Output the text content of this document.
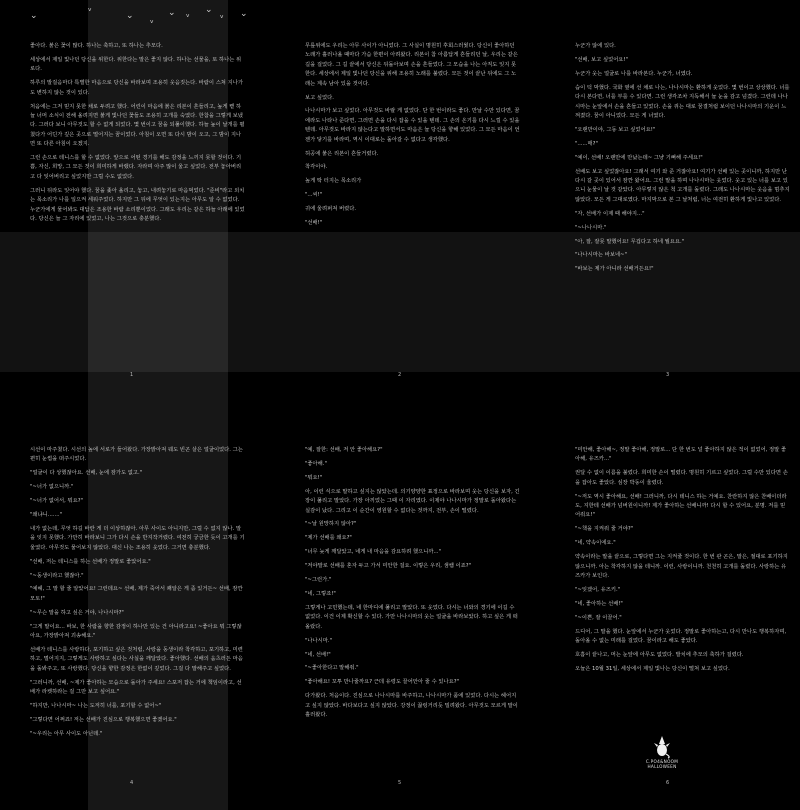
⌄	ᵛ	⌄
ᵛ
⌄ ᵛ
⌄
ᵛ ⌄

좋아다. 붉은 꽃이 많다. 하나는 축하고, 또 하나는 추모다.

세상에서 제일 빛나던 당신을 위한다. 위한다는 말은 좋지 않다. 하나는 선물을, 또 하나는 위로다.

하루의 발걸음마다 특별한 마음으로 당신을 바라보며 조용히 웃음짓는다. 바람이 스쳐 지나가도 변하지 않는 것이 있다.

처음에는 그저 믿지 못한 채로 두려고 했다. 어린이 마음에 붉은 리본이 흔들리고, 높게 뻗 하늘 너머 소식이 전해 올려지면 붉게 빛나던 꽃들도 조용히 고개를 숙였다. 한참을 그렇게 보냈다. 그러다 보니 아무것도 할 수 없게 되었다. 몇 번이고 꿈을 되풀이했다. 하늘 높이 날개를 펼쳤다가 어딘가 깊은 곳으로 떨어지는 꿈이었다. 아침이 오면 또 다시 밤이 오고, 그 밤이 지나면 또 다른 아침이 오겠지.

그런 손으로 테니스를 할 수 없었다. 앞으로 어떤 경기를 해도 감정을 느끼지 못할 것이다. 기쁨, 자신, 희망, 그 모든 것이 희미하게 바랬다. 자라며 아주 많이 울고 싶었다. 전부 놓아버리고 다 잊어버리고 싶었지만 그럴 수도 없었다.

그러니 뒤라도 잊어야 했다. 꿈을 좇아 올리고, 놓고, 내려놓기로 마음먹었다. "준비"라고 외치는 목소리가 나를 일으켜 세워주었다. 하지만 그 뒤에 무엇이 있는지는 아무도 알 수 없었다. 누군가에게 물어봐도 대답은 조용한 바람 소리뿐이었다. 그래도 우리는 같은 하늘 아래에 있었다. 당신은 늘 그 자리에 있었고, 나는 그것으로 충분했다.

1

무릎위에도 우리는 아무 사이가 아니었다. 그 사실이 명원히 후회스러웠다. 당신이 좋아하던 노래가 흘러나올 때마다 가슴 한편이 아려왔다. 리본이 참 아름답게 흔들리던 날, 우리는 같은 길을 걸었다. 그 길 끝에서 당신은 뒤돌아보며 손을 흔들었다. 그 모습을 나는 아직도 잊지 못한다. 세상에서 제일 빛나던 당신을 위해 조용히 노래를 불렀다. 모든 것이 끝난 뒤에도 그 노래는 계속 남아 있을 것이다.

보고 싶었다.

나나시마가 보고 싶었다. 아무것도 바랄 게 없었다. 단 한 번이라도 좋다. 만날 수만 있다면, 꿈에라도 나타나 준다면, 그러면 손을 다시 잡을 수 있을 텐데. 그 손의 온기를 다시 느낄 수 있을 텐데. 아무것도 바라지 않는다고 말하면서도 마음은 늘 당신을 향해 있었다. 그 모든 마음이 언젠가 닿기를 바라며, 역시 이대로는 돌아갈 수 없다고 생각했다.

허공에 붉은 리본이 흔들거렸다.

착각이야.

높게 딱 터지는 목소리가

"...씨!"

귀에 울려퍼져 버렸다.

"선배!"

2

누군가 않에 있다.

"선배, 보고 싶었어요!"

누군가 웃는 얼굴로 나를 바라본다. 누군가, 너였다.

습이 턱 막혔다. 국화 옆에 선 채로 나는, 나나시마는 환하게 웃었다. 몇 번이고 상상했다. 너를 다시 본다면, 너를 부를 수 있다면. 그런 생각조차 지독해서 늘 눈을 감고 넘겼다. 그런데 나나시마는 눈앞에서 손을 흔들고 있었다. 손을 쥐는 대로 꿈결처럼 보이던 나나시마의 기운이 느껴졌다. 꿈이 아니었다. 모든 게 너였다.

"오랜만이야, 그동 보고 싶었어요!"

"......매?"

"예이, 선배! 오랜만에 만났는데~ 그냥 기뻐해 주세요!"

선배도 보고 싶었잖아요! 그래서 여기 와 준 거잖아요! 여기가 선배 있는 곳이니까, 하지만 난 다시 갈 곳이 있어서 잠깐 왔어요. 그런 말을 하며 나나시마는 웃었다. 웃고 있는 너를 보고 있으니 눈물이 날 것 같았다. 아무렇지 않은 척 고개를 돌렸다. 그래도 나나시마는 웃음을 멈추지 않았다. 모든 게 그대로였다. 마지막으로 본 그 날처럼, 너는 여전히 환하게 빛나고 있었다.

"자, 선배가 이제 때 해야지..."

"~나나시마."

"아, 잘, 잘못 말했어요! 무겁다고 하네 뭘요요."

"나나시마는 바보네~"

"바보는 제가 아니라 선배거든요!"

3

시선이 마주쳤다. 시선의 높에 서로가 들어왔다. 가장밝아져 웨도 빈곤 살은 얼굴이었다. 그는 편히 눈썹을 떠주시었다.

"얼굴이 다 상했잖아요. 선배, 눈에 잠가도 없고."

"~너가 없으니까."

"~너가 없어서, 뭐요?"

"왜냐니......."

내가 없는데, 무엇 하길 바란 게 더 이상하잖아. 아무 사이도 아니지만, 그럴 수 없지 않나. 말을 잇지 못했다. 가만히 바라보니 그가 다시 손을 반지작거렸다. 여전히 궁금한 듯이 고개를 기울였다. 아무것도 물어보지 않았다. 대신 나는 조용히 웃었다. 그거면 충분했다.

"선배, 저는 테니스를 하는 선배가 정말로 좋았어요."

"~동생이라고 했잖아."

"예헤, 그 말 할 줄 알았어요! 그런데요~ 선배, 제가 죽어서 쾌알은 게 좀 있거든~ 선배, 잠깐 모토!"

"~무슨 말을 하고 싶은 거야, 나나시마?"

"그게 말이요... 바보, 한 사람을 향한 감정이 하나만 있는 건 아니라고요! ~좋아요 뭐 그렇잖아요, 가장밝아져 괴송해요."

선배가 테니스를 사랑하다, 포기하고 싶은 것처럼, 사랑을 동생이라 착각하고, 포기하고, 미련하고, 멀어지지, 그렇게도 사랑하고 싶다는 사실을 깨달았다. 좋아했다. 선배의 움츠러든 마음을 돌봐주고, 또 사랑했다. 당신을 향한 감정은 한없이 깊었다. 그걸 다 말해주고 싶었다.

"그러니까, 선배, ~제가 좋아하는 모습으로 돌아가 주세요! 스포저 잡는 거에 책임이라고, 선배가 라켓하라는 걸 그만 보고 싶어요."

"하지만, 나나시마~ 나는 도저히 너를, 포기할 수 없어~"

"그렇다면 어쩌죠! 저는 선배가 진심으로 행복했으면 좋겠어요."

"~우리는 아무 사이도 아닌데."

4

"예, 잘한: 선배, 저 안 좋아해요?"

"좋아해."

"뭐요!"

아, 이런 식으로 말하고 싶지는 않았는데. 의기양양한 표정으로 바라보며 웃는 당신을 보자, 긴장이 풀리고 말았다. 가장 아끼었는 그때 이 자리였다. 이제야 나나시마가 정말로 돌아왔다는 실감이 났다. 그리고 이 순간이 영원할 수 없다는 것까지, 전부, 손이 떨렸다.

"~날 원망하지 않아?"

"제가 선배를 왜요?"

"너무 늦게 깨달았고, 네게 내 마음을 감요하려 했으니까..."

"저야말로 선배를 혼자 두고 가서 미안한 걸요. 이렇은 우리, 샘쌤 이죠?"

"~그런가."

"네, 그렇죠!"

그렇게나 고민했는데, 네 한마디에 풀리고 말았다. 또 웃었다. 다시는 너와의 경기에 이길 수 없었다. 이건 이제 확신할 수 있다. 가만 나나시마의 웃는 얼굴을 바라보았다. 하고 싶은 게 떠올랐다.

"나나시마."

"네, 선배!"

"~좋아한다고 말해줘."

"좋아해요! 꼬투 만나줄까요? 근데 유령도 끌어안아 줄 수 있나요?"

다가왔다. 처음이다. 진심으로 나나시마를 바주하고, 나나시마가 품에 있었다. 다시는 헤어지고 싶지 않았다. 바다보다고 싶지 않았다. 강정이 끓렁거리듯 밀려왔다. 아무것도 모르게 말이 흘러왔다.

5

"미안해, 좋아해~, 정말 좋아해, 정말로... 단 한 번도 널 좋아하지 않은 적이 없었어, 정말 좋아해, 유즈카..."

권달 수 없이 이름을 불렀다. 희미한 손이 떨렸다. 명원히 기르고 싶었다. 그럴 수만 있다면 손을 잡아도 좋았다. 심장 박동이 울렸다.

"~저도 역시 좋아해요, 선배! 그러니까, 다시 테니스 하는 거예요. 찬란하지 않은 찬배이더라도, 지한테 선배가 넘버원이니까! 제가 좋아하는 선배니까! 다시 할 수 있어요, 분명. 저를 믿어줘요!"

"~책을 지켜줘 줄 거야?"

"네, 약속이에요."

약속이라는 말을 끝으로, 그렇다면 그는 지켜줄 것이다. 한 번 관 곤은, 말은, 절대로 포기하지 않으니까. 아는 착각하지 않을 테니까. 이런, 사랑이니까. 천천히 고개를 돌렸다. 사랑하는 유즈카가 보인다.

"~잊겠어, 유즈키."

"네, 좋아하는 선배!"

"~이쁜, 잘 이끌어."

드디어, 그 말을 했다. 눈앞에서 누군가 웃었다. 정말로 좋아하는고, 다시 만나도 행복하자며, 돌아올 수 없는 미래를 걸었다. 꿈이라고 해도 좋았다.

호흡이 끝나고, 머는 눈앞에 아무도 없었다. 발치에 추모의 축하가 걸렸다.

오늘은 10월 31일, 세상에서 제일 빛나는 당신이 떨쳐 보고 싶었다.

C.PO4&NOOM
HALLOWEEN
6
